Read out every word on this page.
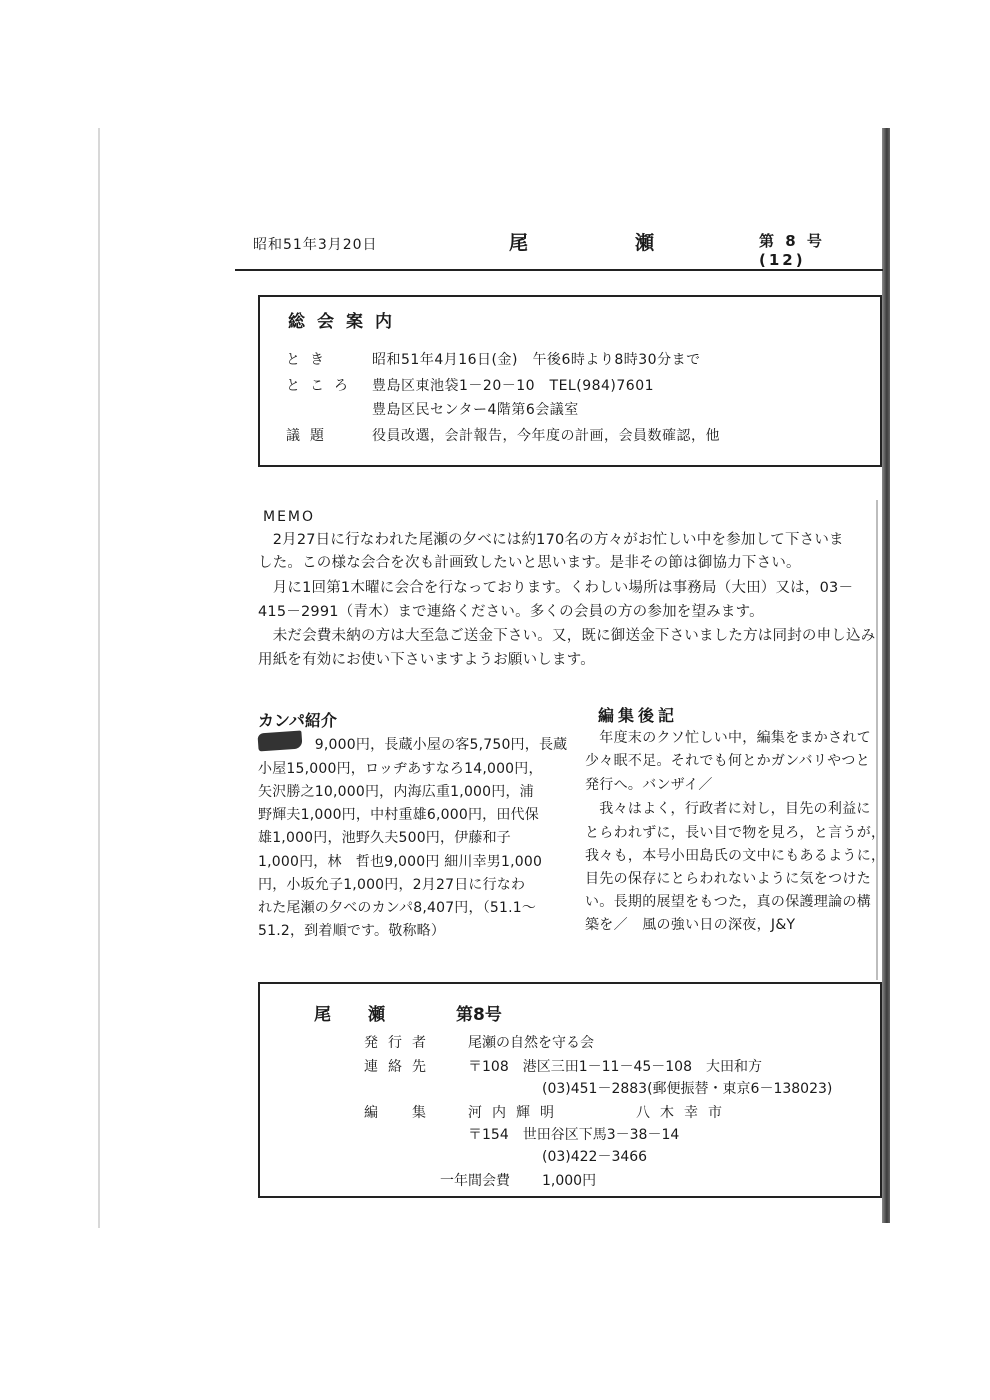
昭和51年3月20日	尾　瀬	第 8 号 (12)
総会案内
とき	昭和51年4月16日(金)　午後6時より8時30分まで
ところ 豊島区東池袋1－20－10　TEL(984)7601
豊島区民センター4階第6会議室
議題	役員改選，会計報告，今年度の計画，会員数確認，他
MEMO
　2月27日に行なわれた尾瀬の夕べには約170名の方々がお忙しい中を参加して下さいま
した。この様な会合を次も計画致したいと思います。是非その節は御協力下さい。
　月に1回第1木曜に会合を行なっております。くわしい場所は事務局（大田）又は，03－
415－2991（青木）まで連絡ください。多くの会員の方の参加を望みます。
　未だ会費未納の方は大至急ご送金下さい。又，既に御送金下さいました方は同封の申し込み
用紙を有効にお使い下さいますようお願いします。
カンパ紹介
　　　　9,000円，長蔵小屋の客5,750円，長蔵
小屋15,000円，ロッヂあすなろ14,000円，
矢沢勝之10,000円，内海広重1,000円，浦
野輝夫1,000円，中村重雄6,000円，田代保
雄1,000円，池野久夫500円，伊藤和子
1,000円，林　哲也9,000円 細川幸男1,000
円，小坂允子1,000円，2月27日に行なわ
れた尾瀬の夕べのカンパ8,407円，（51.1～
51.2，到着順です。敬称略）
編集後記
　年度末のクソ忙しい中，編集をまかされて
少々眠不足。それでも何とかガンバリやつと
発行へ。バンザイ／
　我々はよく，行政者に対し，目先の利益に
とらわれずに，長い目で物を見ろ，と言うが，
我々も，本号小田島氏の文中にもあるように，
目先の保存にとらわれないように気をつけた
い。長期的展望をもつた，真の保護理論の構
築を／　風の強い日の深夜，J&Y
尾　瀬	第8号
発行者 尾瀬の自然を守る会
連絡先 〒108　港区三田1－11－45－108　大田和方
(03)451－2883(郵便振替・東京6－138023)
編　集 河内輝明	八木幸市
〒154　世田谷区下馬3－38－14
(03)422－3466
一年間会費 1,000円
